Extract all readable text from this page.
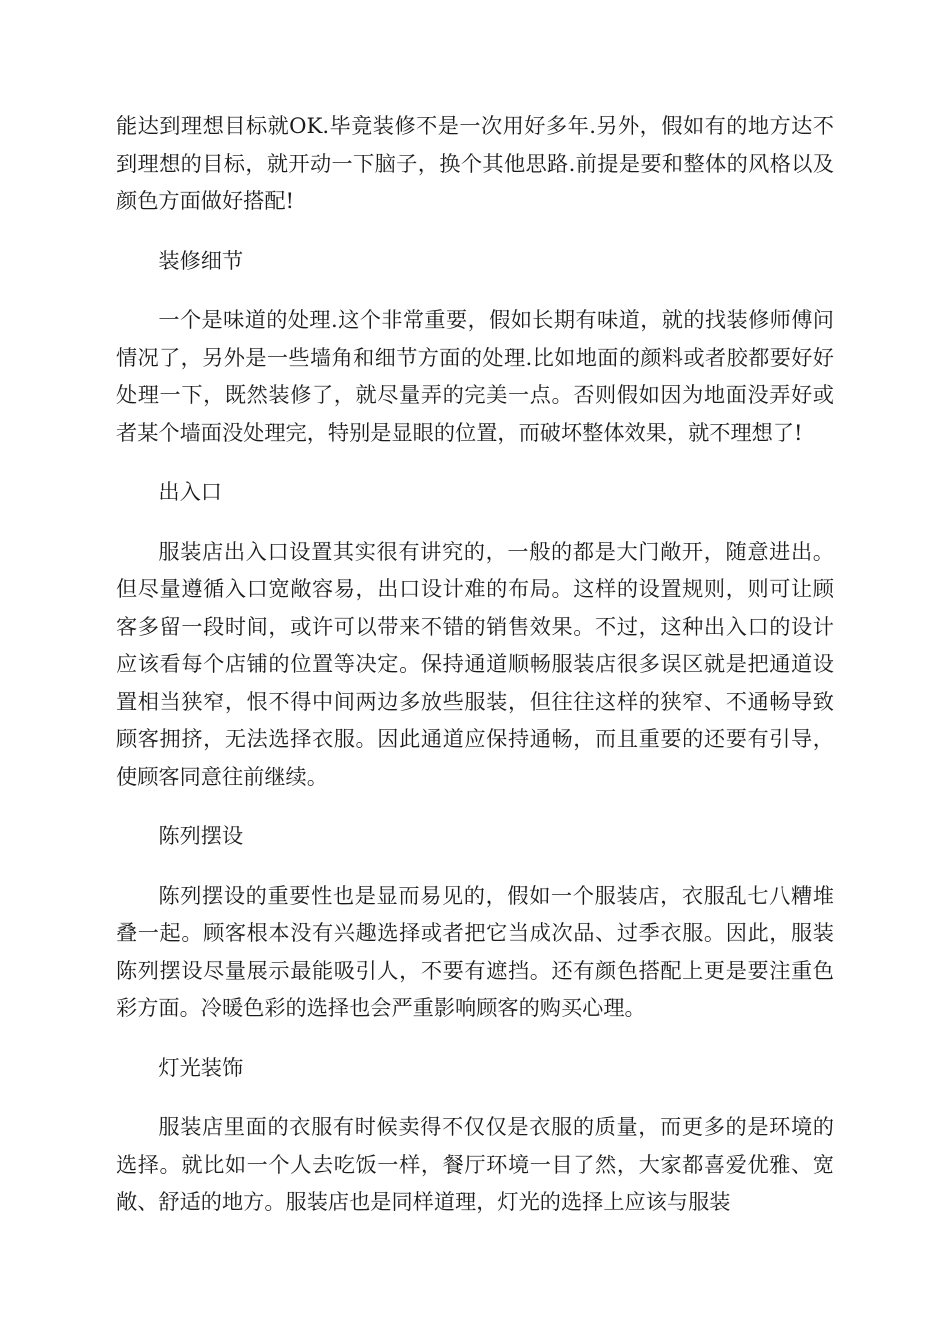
能达到理想目标就OK.毕竟装修不是一次用好多年.另外，假如有的地方达不到理想的目标，就开动一下脑子，换个其他思路.前提是要和整体的风格以及颜色方面做好搭配!

装修细节

一个是味道的处理.这个非常重要，假如长期有味道，就的找装修师傅问情况了，另外是一些墙角和细节方面的处理.比如地面的颜料或者胶都要好好处理一下，既然装修了，就尽量弄的完美一点。否则假如因为地面没弄好或者某个墙面没处理完，特别是显眼的位置，而破坏整体效果，就不理想了!

出入口

服装店出入口设置其实很有讲究的，一般的都是大门敞开，随意进出。但尽量遵循入口宽敞容易，出口设计难的布局。这样的设置规则，则可让顾客多留一段时间，或许可以带来不错的销售效果。不过，这种出入口的设计应该看每个店铺的位置等决定。保持通道顺畅服装店很多误区就是把通道设置相当狭窄，恨不得中间两边多放些服装，但往往这样的狭窄、不通畅导致顾客拥挤，无法选择衣服。因此通道应保持通畅，而且重要的还要有引导，使顾客同意往前继续。

陈列摆设

陈列摆设的重要性也是显而易见的，假如一个服装店，衣服乱七八糟堆叠一起。顾客根本没有兴趣选择或者把它当成次品、过季衣服。因此，服装陈列摆设尽量展示最能吸引人，不要有遮挡。还有颜色搭配上更是要注重色彩方面。冷暖色彩的选择也会严重影响顾客的购买心理。

灯光装饰

服装店里面的衣服有时候卖得不仅仅是衣服的质量，而更多的是环境的选择。就比如一个人去吃饭一样，餐厅环境一目了然，大家都喜爱优雅、宽敞、舒适的地方。服装店也是同样道理，灯光的选择上应该与服装
